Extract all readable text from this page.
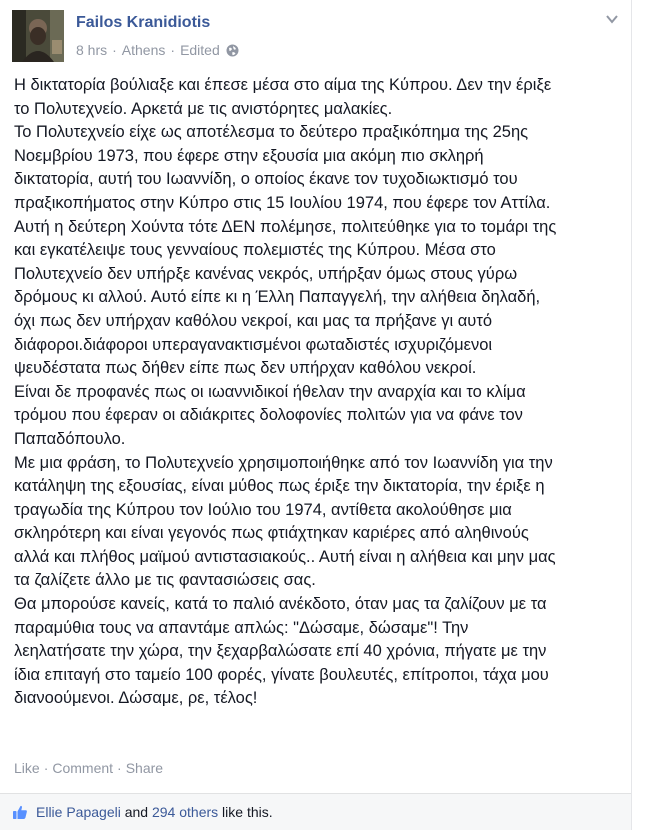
Failos Kranidiotis
8 hrs · Athens · Edited

Η δικτατορία βούλιαξε και έπεσε μέσα στο αίμα της Κύπρου. Δεν την έριξε

το Πολυτεχνείο. Αρκετά με τις ανιστόρητες μαλακίες.

Το Πολυτεχνείο είχε ως αποτέλεσμα το δεύτερο πραξικόπημα της 25ης

Νοεμβρίου 1973, που έφερε στην εξουσία μια ακόμη πιο σκληρή

δικτατορία, αυτή του Ιωαννίδη, ο οποίος έκανε τον τυχοδιωκτισμό του

πραξικοπήματος στην Κύπρο στις 15 Ιουλίου 1974, που έφερε τον Αττίλα.

Αυτή η δεύτερη Χούντα τότε ΔΕΝ πολέμησε, πολιτεύθηκε για το τομάρι της

και εγκατέλειψε τους γενναίους πολεμιστές της Κύπρου. Μέσα στο

Πολυτεχνείο δεν υπήρξε κανένας νεκρός, υπήρξαν όμως στους γύρω

δρόμους κι αλλού. Αυτό είπε κι η Έλλη Παπαγγελή, την αλήθεια δηλαδή,

όχι πως δεν υπήρχαν καθόλου νεκροί, και μας τα πρήξανε γι αυτό

διάφοροι.διάφοροι υπεραγανακτισμένοι φωταδιστές ισχυριζόμενοι

ψευδέστατα πως δήθεν είπε πως δεν υπήρχαν καθόλου νεκροί.

Είναι δε προφανές πως οι ιωαννιδικοί ήθελαν την αναρχία και το κλίμα

τρόμου που έφεραν οι αδιάκριτες δολοφονίες πολιτών για να φάνε τον

Παπαδόπουλο.

Με μια φράση, το Πολυτεχνείο χρησιμοποιήθηκε από τον Ιωαννίδη για την

κατάληψη της εξουσίας, είναι μύθος πως έριξε την δικτατορία, την έριξε η

τραγωδία της Κύπρου τον Ιούλιο του 1974, αντίθετα ακολούθησε μια

σκληρότερη και είναι γεγονός πως φτιάχτηκαν καριέρες από αληθινούς

αλλά και πλήθος μαϊμού αντιστασιακούς.. Αυτή είναι η αλήθεια και μην μας

τα ζαλίζετε άλλο με τις φαντασιώσεις σας.

Θα μπορούσε κανείς, κατά το παλιό ανέκδοτο, όταν μας τα ζαλίζουν με τα

παραμύθια τους να απαντάμε απλώς: "Δώσαμε, δώσαμε"! Την

λεηλατήσατε την χώρα, την ξεχαρβαλώσατε επί 40 χρόνια, πήγατε με την

ίδια επιταγή στο ταμείο 100 φορές, γίνατε βουλευτές, επίτροποι, τάχα μου

διανοούμενοι. Δώσαμε, ρε, τέλος!

Like · Comment · Share
Ellie Papageli and 294 others like this.
